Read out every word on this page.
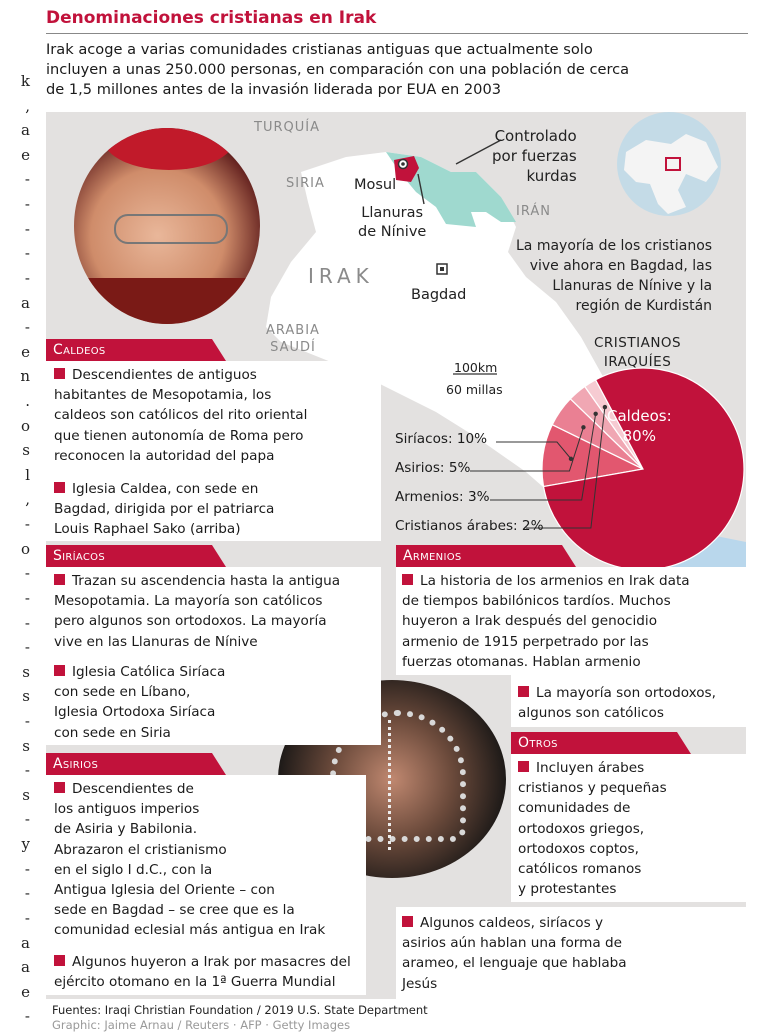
k
,
a
e
-
-
-
-
-
a
-
e
n
.
o
s
l
,
-
o
-
-
-
-
s
s
-
s
-
s
-
y
-
-
-
a
a
e
-
Denominaciones cristianas en Irak
Irak acoge a varias comunidades cristianas antiguas que actualmente solo
incluyen a unas 250.000 personas, en comparación con una población de cerca
de 1,5 millones antes de la invasión liderada por EUA en 2003
TURQUÍA
SIRIA
IRÁN
IRAK
ARABIA
SAUDÍ
Mosul
Llanuras
de Nínive
Bagdad
Controlado
por fuerzas
kurdas
La mayoría de los cristianos
vive ahora en Bagdad, las
Llanuras de Nínive y la
región de Kurdistán
100km
60 millas
CRISTIANOS
IRAQUÍES
Caldeos:
80%
Siríacos: 10%
Asirios: 5%
Armenios: 3%
Cristianos árabes: 2%
Caldeos
Descendientes de antiguos
habitantes de Mesopotamia, los
caldeos son católicos del rito oriental
que tienen autonomía de Roma pero
reconocen la autoridad del papa
Iglesia Caldea, con sede en
Bagdad, dirigida por el patriarca
Louis Raphael Sako (arriba)
Siríacos
Trazan su ascendencia hasta la antigua
Mesopotamia. La mayoría son católicos
pero algunos son ortodoxos. La mayoría
vive en las Llanuras de Nínive
Iglesia Católica Siríaca
con sede en Líbano,
Iglesia Ortodoxa Siríaca
con sede en Siria
Asirios
Descendientes de
los antiguos imperios
de Asiria y Babilonia.
Abrazaron el cristianismo
en el siglo I d.C., con la
Antigua Iglesia del Oriente – con
sede en Bagdad – se cree que es la
comunidad eclesial más antigua en Irak
Algunos huyeron a Irak por masacres del
ejército otomano en la 1ª Guerra Mundial
Armenios
La historia de los armenios en Irak data
de tiempos babilónicos tardíos. Muchos
huyeron a Irak después del genocidio
armenio de 1915 perpetrado por las
fuerzas otomanas. Hablan armenio
La mayoría son ortodoxos,
algunos son católicos
Otros
Incluyen árabes
cristianos y pequeñas
comunidades de
ortodoxos griegos,
ortodoxos coptos,
católicos romanos
y protestantes
Algunos caldeos, siríacos y
asirios aún hablan una forma de
arameo, el lenguaje que hablaba
Jesús
Fuentes: Iraqi Christian Foundation / 2019 U.S. State Department
Graphic: Jaime Arnau / Reuters · AFP · Getty Images
